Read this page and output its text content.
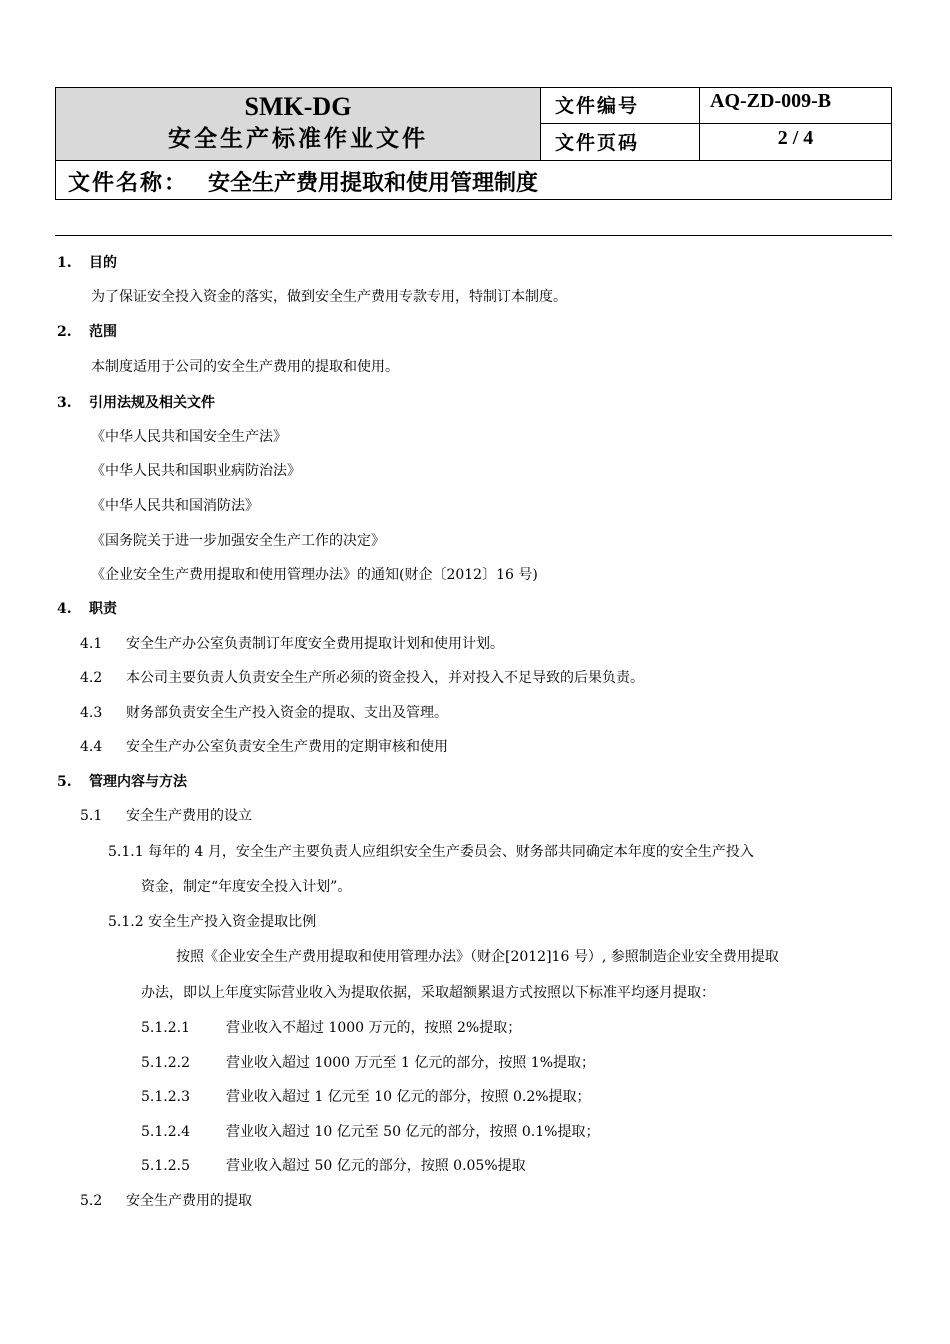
SMK-DG
安全生产标准作业文件
文件编号	AQ-ZD-009-B
文件页码	2 / 4
文件名称： 安全生产费用提取和使用管理制度
1. 目的
为了保证安全投入资金的落实，做到安全生产费用专款专用，特制订本制度。
2. 范围
本制度适用于公司的安全生产费用的提取和使用。
3. 引用法规及相关文件
《中华人民共和国安全生产法》
《中华人民共和国职业病防治法》
《中华人民共和国消防法》
《国务院关于进一步加强安全生产工作的决定》
《企业安全生产费用提取和使用管理办法》的通知(财企〔2012〕16 号)
4. 职责
4.1 安全生产办公室负责制订年度安全费用提取计划和使用计划。
4.2 本公司主要负责人负责安全生产所必须的资金投入，并对投入不足导致的后果负责。
4.3 财务部负责安全生产投入资金的提取、支出及管理。
4.4 安全生产办公室负责安全生产费用的定期审核和使用
5. 管理内容与方法
5.1 安全生产费用的设立
5.1.1 每年的 4 月，安全生产主要负责人应组织安全生产委员会、财务部共同确定本年度的安全生产投入
资金，制定“年度安全投入计划”。
5.1.2 安全生产投入资金提取比例
按照《企业安全生产费用提取和使用管理办法》（财企[2012]16 号）, 参照制造企业安全费用提取
办法，即以上年度实际营业收入为提取依据，采取超额累退方式按照以下标准平均逐月提取：
5.1.2.1	营业收入不超过 1000 万元的，按照 2%提取；
5.1.2.2	营业收入超过 1000 万元至 1 亿元的部分，按照 1%提取；
5.1.2.3	营业收入超过 1 亿元至 10 亿元的部分，按照 0.2%提取；
5.1.2.4	营业收入超过 10 亿元至 50 亿元的部分，按照 0.1%提取；
5.1.2.5	营业收入超过 50 亿元的部分，按照 0.05%提取
5.2 安全生产费用的提取
